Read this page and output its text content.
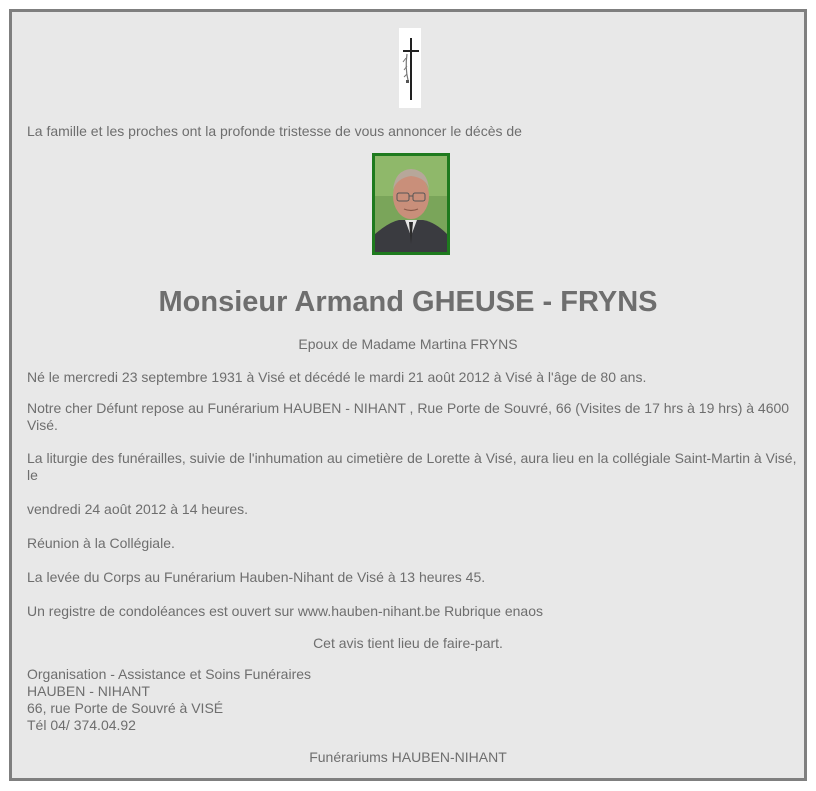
La famille et les proches ont la profonde tristesse de vous annoncer le décès de
Monsieur Armand GHEUSE - FRYNS
Epoux de Madame Martina FRYNS
Né le mercredi 23 septembre 1931 à Visé et décédé le mardi 21 août 2012 à Visé à l'âge de 80 ans.
Notre cher Défunt repose au Funérarium HAUBEN - NIHANT , Rue Porte de Souvré, 66 (Visites de 17 hrs à 19 hrs) à 4600 Visé.
La liturgie des funérailles, suivie de l'inhumation au cimetière de Lorette à Visé, aura lieu en la collégiale Saint-Martin à Visé, le
vendredi 24 août 2012 à 14 heures.
Réunion à la Collégiale.
La levée du Corps au Funérarium Hauben-Nihant de Visé à 13 heures 45.
Un registre de condoléances est ouvert sur www.hauben-nihant.be Rubrique enaos
Cet avis tient lieu de faire-part.
Organisation - Assistance et Soins Funéraires
HAUBEN - NIHANT
66, rue Porte de Souvré à VISÉ
Tél 04/ 374.04.92
Funérariums HAUBEN-NIHANT
